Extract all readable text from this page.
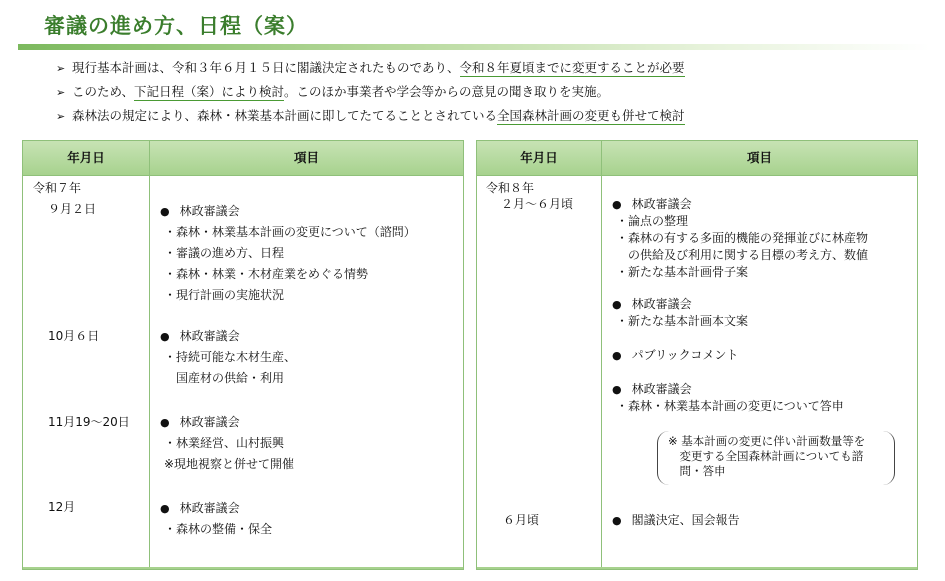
審議の進め方、日程（案）
➢ 現行基本計画は、令和３年６月１５日に閣議決定されたものであり、令和８年夏頃までに変更することが必要
➢ このため、下記日程（案）により検討。このほか事業者や学会等からの意見の聞き取りを実施。
➢ 森林法の規定により、森林・林業基本計画に即してたてることとされている全国森林計画の変更も併せて検討
年月日	項目
令和７年
９月２日	● 林政審議会
・森林・林業基本計画の変更について（諮問）
・審議の進め方、日程
・森林・林業・木材産業をめぐる情勢
・現行計画の実施状況
10月６日	● 林政審議会
・持続可能な木材生産、
　国産材の供給・利用
11月19～20日	● 林政審議会
・林業経営、山村振興
※現地視察と併せて開催
12月	● 林政審議会
・森林の整備・保全
年月日	項目
令和８年
２月～６月頃	● 林政審議会
・論点の整理
・森林の有する多面的機能の発揮並びに林産物
　の供給及び利用に関する目標の考え方、数値
・新たな基本計画骨子案
● 林政審議会
・新たな基本計画本文案
● パブリックコメント
● 林政審議会
・森林・林業基本計画の変更について答申
※ 基本計画の変更に伴い計画数量等を
　変更する全国森林計画についても諮
　問・答申
６月頃	● 閣議決定、国会報告
